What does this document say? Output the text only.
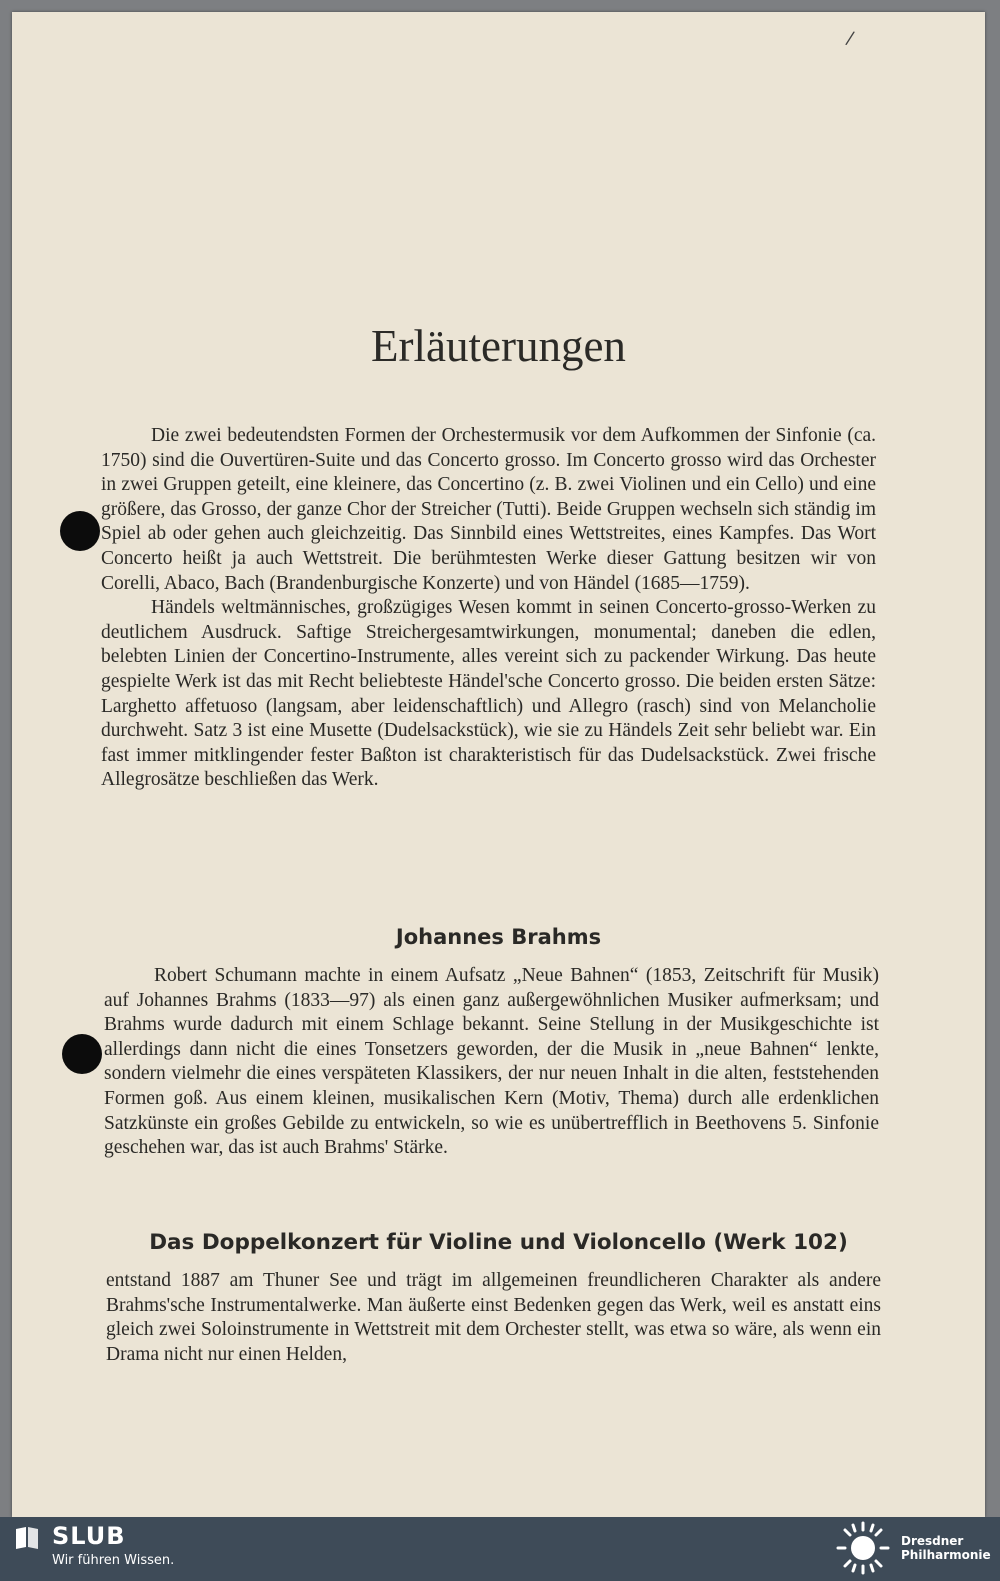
/
Erläuterungen

Die zwei bedeutendsten Formen der Orchestermusik vor dem Aufkommen der Sinfonie (ca. 1750) sind die Ouvertüren-Suite und das Concerto grosso. Im Concerto grosso wird das Orchester in zwei Gruppen geteilt, eine kleinere, das Concertino (z. B. zwei Violinen und ein Cello) und eine größere, das Grosso, der ganze Chor der Streicher (Tutti). Beide Gruppen wechseln sich ständig im Spiel ab oder gehen auch gleichzeitig. Das Sinnbild eines Wettstreites, eines Kampfes. Das Wort Concerto heißt ja auch Wettstreit. Die berühmtesten Werke dieser Gattung besitzen wir von Corelli, Abaco, Bach (Brandenburgische Konzerte) und von Händel (1685—1759).

Händels weltmännisches, großzügiges Wesen kommt in seinen Concerto-grosso-Werken zu deutlichem Ausdruck. Saftige Streichergesamtwirkungen, monumental; daneben die edlen, belebten Linien der Concertino-Instrumente, alles vereint sich zu packender Wirkung. Das heute gespielte Werk ist das mit Recht beliebteste Händel'sche Concerto grosso. Die beiden ersten Sätze: Larghetto affetuoso (langsam, aber leidenschaftlich) und Allegro (rasch) sind von Melancholie durchweht. Satz 3 ist eine Musette (Dudelsackstück), wie sie zu Händels Zeit sehr beliebt war. Ein fast immer mitklingender fester Baßton ist charakteristisch für das Dudelsackstück. Zwei frische Allegrosätze beschließen das Werk.

Johannes Brahms

Robert Schumann machte in einem Aufsatz „Neue Bahnen“ (1853, Zeitschrift für Musik) auf Johannes Brahms (1833—97) als einen ganz außergewöhnlichen Musiker aufmerksam; und Brahms wurde dadurch mit einem Schlage bekannt. Seine Stellung in der Musikgeschichte ist allerdings dann nicht die eines Tonsetzers geworden, der die Musik in „neue Bahnen“ lenkte, sondern vielmehr die eines verspäteten Klassikers, der nur neuen Inhalt in die alten, feststehenden Formen goß. Aus einem kleinen, musikalischen Kern (Motiv, Thema) durch alle erdenklichen Satzkünste ein großes Gebilde zu entwickeln, so wie es unübertrefflich in Beethovens 5. Sinfonie geschehen war, das ist auch Brahms' Stärke.

Das Doppelkonzert für Violine und Violoncello (Werk 102)

entstand 1887 am Thuner See und trägt im allgemeinen freundlicheren Charakter als andere Brahms'sche Instrumentalwerke. Man äußerte einst Bedenken gegen das Werk, weil es anstatt eins gleich zwei Soloinstrumente in Wettstreit mit dem Orchester stellt, was etwa so wäre, als wenn ein Drama nicht nur einen Helden,

SLUB
Wir führen Wissen.
Dresdner
Philharmonie
